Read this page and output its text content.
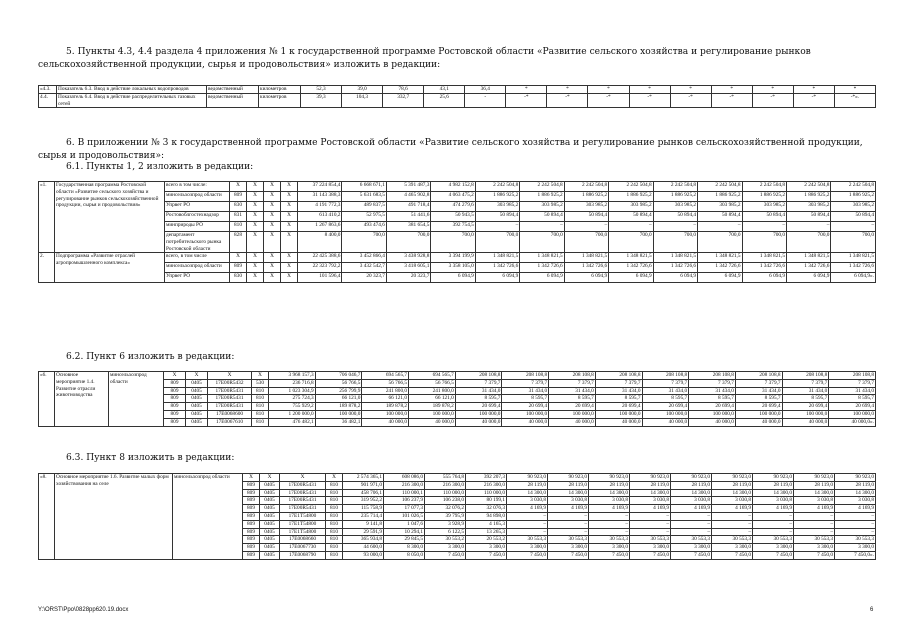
5. Пункты 4.3, 4.4 раздела 4 приложения № 1 к государственной программе Ростовской области «Развитие сельского хозяйства и регулирование рынков сельскохозяйственной продукции, сырья и продовольствия» изложить в редакции:
«4.3.	Показатель 6.3. Ввод в действие локальных водопроводов	ведомственный	километров	52,3	39,0	78,6	43,1	36,4	*	*	*	*	*	*	*	*	*
4.4.	Показатель 6.4. Ввод в действие распределительных газовых сетей	ведомственный	километров	39,3	104,3	332,7	25,6	-	-*	-*	-*	-*	-*	-*	-*	-*	-*».
6. В приложении № 3 к государственной программе Ростовской области «Развитие сельского хозяйства и регулирование рынков сельскохозяйственной продукции, сырья и продовольствия»:
6.1. Пункты 1, 2 изложить в редакции:
«1.	Государственная программа Ростовской области «Развитие сельского хозяйства и регулирование рынков сельскохозяйственной продукции, сырья и продовольствия»	всего в том числе:	X	X	X	X	37 224 854,4	6 668 671,1	5 391 487,3	4 982 152,8	2 242 504,8	2 242 504,8	2 242 504,8	2 242 504,8	2 242 504,8	2 242 504,8	2 242 504,8	2 242 504,8	2 242 504,8
		минсельхозпрод области	809	X	X	X	31 143 388,3	5 631 683,5	4 465 902,8	4 063 475,2	1 886 925,2	1 886 925,2	1 886 925,2	1 886 925,2	1 886 925,2	1 886 925,2	1 886 925,2	1 886 925,2	1 886 925,2
		Упрвет РО	830	X	X	X	4 191 772,3	489 837,5	491 718,4	474 279,6	303 985,2	303 985,2	303 985,2	303 985,2	303 985,2	303 985,2	303 985,2	303 985,2	303 985,2
		Ростовоблгостехнадзор	831	X	X	X	613 410,2	52 975,5	51 441,6	50 943,5	50 894,4	50 894,4	50 894,4	50 894,4	50 894,4	50 894,4	50 894,4	50 894,4	50 894,4
		минприроды РО	810	X	X	X	1 267 863,6	493 474,6	381 654,5	392 754,5	–	–	–	–	–	–	–	–	–
		департамент потребительского рынка Ростовской области	828	X	X	X	8 400,0	700,0	700,0	700,0	700,0	700,0	700,0	700,0	700,0	700,0	700,0	700,0	700,0
2.	Подпрограмма «Развитие отраслей агропромышленного комплекса»	всего, в том числе	X	X	X	X	22 425 388,6	3 452 866,4	3 438 928,8	3 394 199,9	1 348 821,5	1 348 821,5	1 348 821,5	1 348 821,5	1 348 821,5	1 348 821,5	1 348 821,5	1 348 821,5	1 348 821,5
		минсельхозпрод области	809	X	X	X	22 323 792,2	3 432 542,7	3 418 605,1	3 358 105,0	1 342 726,6	1 342 726,6	1 342 726,6	1 342 726,6	1 342 726,6	1 342 726,6	1 342 726,6	1 342 726,6	1 342 726,6
		Упрвет РО	830	X	X	X	101 596,4	20 323,7	20 323,7	6 094,9	6 094,9	6 094,9	6 094,9	6 094,9	6 094,9	6 094,9	6 094,9	6 094,9	6 094,9».
6.2. Пункт 6 изложить в редакции:
«6.	Основное мероприятие 1.4. Развитие отрасли животноводства	минсельхозпрод области	X	X	X	X	3 968 157,3	706 046,7	694 565,7	694 565,7	208 108,8	208 108,8	208 108,8	208 108,8	208 108,8	208 108,8	208 108,8	208 108,8	208 108,8
			809	0405	17Е00R5432	530	236 716,8	56 766,5	56 766,5	56 766,5	7 379,7	7 379,7	7 379,7	7 379,7	7 379,7	7 379,7	7 379,7	7 379,7	7 379,7
			809	0405	17Е00R5431	810	1 023 304,9	256 799,9	241 800,0	241 800,0	31 434,0	31 434,0	31 434,0	31 434,0	31 434,0	31 434,0	31 434,0	31 434,0	31 434,0
			809	0405	17Е00R5431	810	275 724,3	66 121,0	66 121,0	66 121,0	8 595,7	8 595,7	8 595,7	8 595,7	8 595,7	8 595,7	8 595,7	8 595,7	8 595,7
			809	0405	17Е00R5431	810	755 929,2	189 878,2	189 878,2	189 878,2	20 699,4	20 699,4	20 699,4	20 699,4	20 699,4	20 699,4	20 699,4	20 699,4	20 699,4
			809	0405	17Е0068600	810	1 200 000,0	100 000,0	100 000,0	100 000,0	100 000,0	100 000,0	100 000,0	100 000,0	100 000,0	100 000,0	100 000,0	100 000,0	100 000,0
			809	0405	17Е0067610	810	476 482,1	36 482,1	40 000,0	40 000,0	40 000,0	40 000,0	40 000,0	40 000,0	40 000,0	40 000,0	40 000,0	40 000,0	40 000,0».
6.3. Пункт 8 изложить в редакции:
«8.	Основное мероприятие 1.6. Развитие малых форм хозяйствования на селе	минсельхозпрод области	X	X	X	X	2 574 365,1	608 086,0	555 764,8	392 207,3	90 923,0	90 923,0	90 923,0	90 923,0	90 923,0	90 923,0	90 923,0	90 923,0	90 923,0
			809	0405	17Е00R5431	810	901 971,0	216 300,0	216 300,0	216 300,0	28 119,0	28 119,0	28 119,0	28 119,0	28 119,0	28 119,0	28 119,0	28 119,0	28 119,0
			809	0405	17Е00R5431	810	458 706,1	110 000,1	110 000,0	110 000,0	14 300,0	14 300,0	14 300,0	14 300,0	14 300,0	14 300,0	14 300,0	14 300,0	14 300,0
			809	0405	17Е00R5431	810	319 952,2	106 237,9	106 238,0	80 199,1	3 030,8	3 030,8	3 030,8	3 030,8	3 030,8	3 030,8	3 030,8	3 030,8	3 030,8
			809	0405	17Е00R5431	810	115 758,9	17 077,3	32 076,2	32 076,3	4 169,9	4 169,9	4 169,9	4 169,9	4 169,9	4 169,9	4 169,9	4 169,9	4 169,9
			809	0405	17Е1Т54800	810	235 714,4	101 026,5	39 795,9	94 898,0	–	–	–	–	–	–	–	–	–
			809	0405	17Е1Т54800	810	9 141,8	1 047,6	3 928,9	4 165,3	–	–	–	–	–	–	–	–	–
			809	0405	17Е1Т54800	810	29 591,9	10 294,1	6 122,5	13 265,3	–	–	–	–	–	–	–	–	–
			809	0405	17Е0068660	810	365 934,8	29 845,5	30 553,2	20 553,2	30 553,3	30 553,3	30 553,3	30 553,3	30 553,3	30 553,3	30 553,3	30 553,3	30 553,3
			809	0405	17Е0067730	810	44 600,0	8 300,0	3 300,0	3 300,0	3 300,0	3 300,0	3 300,0	3 300,0	3 300,0	3 300,0	3 300,0	3 300,0	3 300,0
			809	0405	17Е0068790	810	93 000,0	8 050,0	7 450,0	7 450,0	7 450,0	7 450,0	7 450,0	7 450,0	7 450,0	7 450,0	7 450,0	7 450,0	7 450,0».
Y:\ORST\Ppo\0828pp620.19.docx	6
